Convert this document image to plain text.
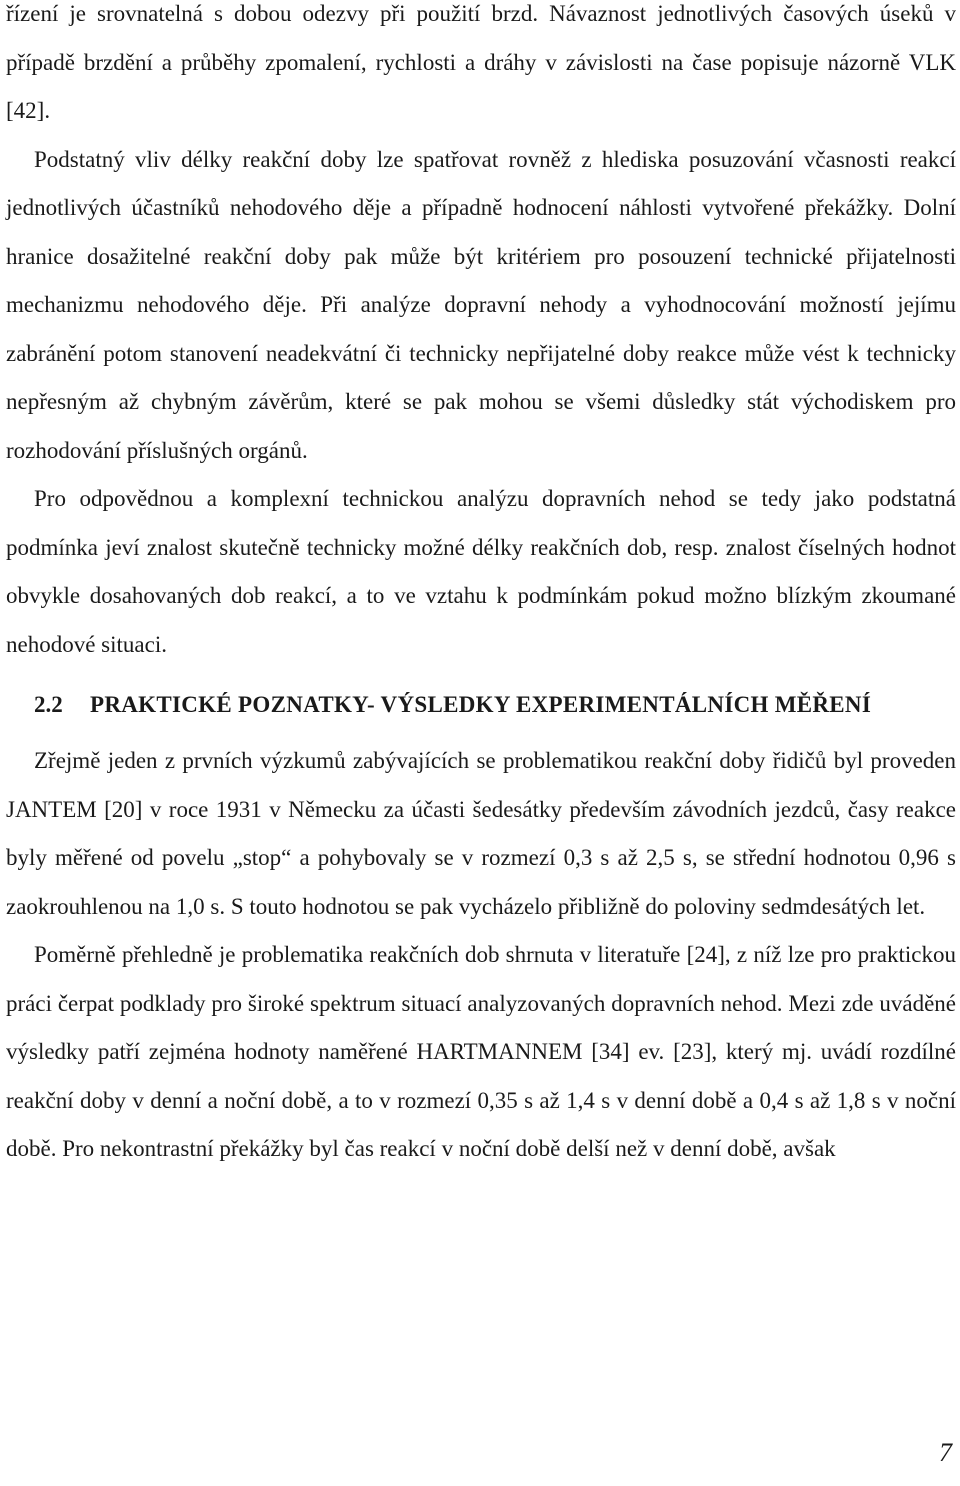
řízení je srovnatelná s dobou odezvy při použití brzd. Návaznost jednotlivých časových úseků v případě brzdění a průběhy zpomalení, rychlosti a dráhy v závislosti na čase popisuje názorně VLK [42].

Podstatný vliv délky reakční doby lze spatřovat rovněž z hlediska posuzování včasnosti reakcí jednotlivých účastníků nehodového děje a případně hodnocení náhlosti vytvořené překážky. Dolní hranice dosažitelné reakční doby pak může být kritériem pro posouzení technické přijatelnosti mechanizmu nehodového děje. Při analýze dopravní nehody a vyhodnocování možností jejímu zabránění potom stanovení neadekvátní či technicky nepřijatelné doby reakce může vést k technicky nepřesným až chybným závěrům, které se pak mohou se všemi důsledky stát východiskem pro rozhodování příslušných orgánů.

Pro odpovědnou a komplexní technickou analýzu dopravních nehod se tedy jako podstatná podmínka jeví znalost skutečně technicky možné délky reakčních dob, resp. znalost číselných hodnot obvykle dosahovaných dob reakcí, a to ve vztahu k podmínkám pokud možno blízkým zkoumané nehodové situaci.

2.2	PRAKTICKÉ POZNATKY- VÝSLEDKY EXPERIMENTÁLNÍCH MĚŘENÍ

Zřejmě jeden z prvních výzkumů zabývajících se problematikou reakční doby řidičů byl proveden JANTEM [20] v roce 1931 v Německu za účasti šedesátky především závodních jezdců, časy reakce byly měřené od povelu „stop“ a pohybovaly se v rozmezí 0,3 s až 2,5 s, se střední hodnotou 0,96 s zaokrouhlenou na 1,0 s. S touto hodnotou se pak vycházelo přibližně do poloviny sedmdesátých let.

Poměrně přehledně je problematika reakčních dob shrnuta v literatuře [24], z níž lze pro praktickou práci čerpat podklady pro široké spektrum situací analyzovaných dopravních nehod. Mezi zde uváděné výsledky patří zejména hodnoty naměřené HARTMANNEM [34] ev. [23], který mj. uvádí rozdílné reakční doby v denní a noční době, a to v rozmezí 0,35 s až 1,4 s v denní době a 0,4 s až 1,8 s v noční době. Pro nekontrastní překážky byl čas reakcí v noční době delší než v denní době, avšak

7
